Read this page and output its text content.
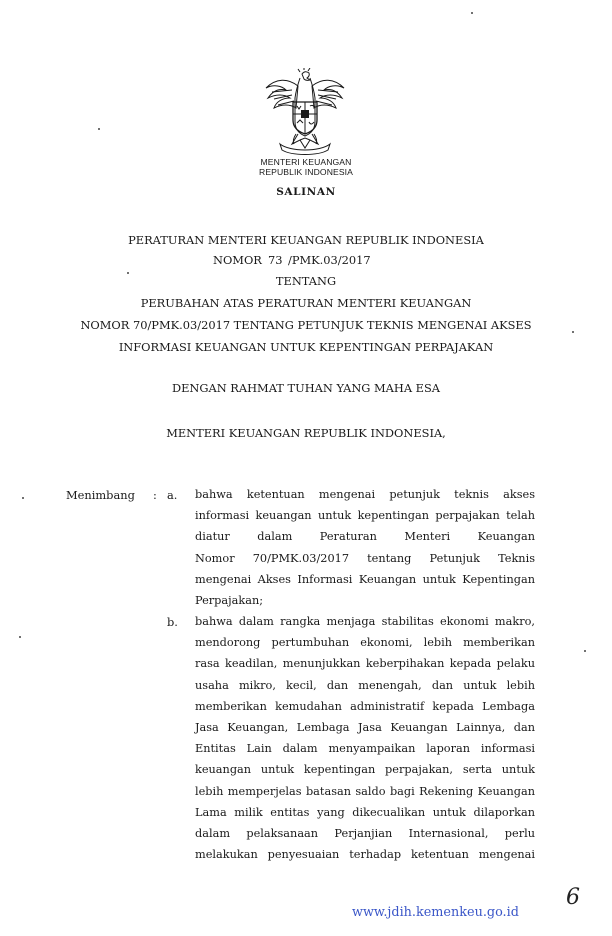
MENTERI KEUANGAN
REPUBLIK INDONESIA
SALINAN
PERATURAN MENTERI KEUANGAN REPUBLIK INDONESIA
NOMOR 73 /PMK.03/2017
TENTANG
PERUBAHAN ATAS PERATURAN MENTERI KEUANGAN
NOMOR 70/PMK.03/2017 TENTANG PETUNJUK TEKNIS MENGENAI AKSES
INFORMASI KEUANGAN UNTUK KEPENTINGAN PERPAJAKAN
DENGAN RAHMAT TUHAN YANG MAHA ESA
MENTERI KEUANGAN REPUBLIK INDONESIA,
Menimbang : a.
b.
bahwa ketentuan mengenai petunjuk teknis akses
informasi keuangan untuk kepentingan perpajakan telah
diatur dalam Peraturan Menteri Keuangan
Nomor 70/PMK.03/2017 tentang Petunjuk Teknis
mengenai Akses Informasi Keuangan untuk Kepentingan
Perpajakan;
bahwa dalam rangka menjaga stabilitas ekonomi makro,
mendorong pertumbuhan ekonomi, lebih memberikan
rasa keadilan, menunjukkan keberpihakan kepada pelaku
usaha mikro, kecil, dan menengah, dan untuk lebih
memberikan kemudahan administratif kepada Lembaga
Jasa Keuangan, Lembaga Jasa Keuangan Lainnya, dan
Entitas Lain dalam menyampaikan laporan informasi
keuangan untuk kepentingan perpajakan, serta untuk
lebih memperjelas batasan saldo bagi Rekening Keuangan
Lama milik entitas yang dikecualikan untuk dilaporkan
dalam pelaksanaan Perjanjian Internasional, perlu
melakukan penyesuaian terhadap ketentuan mengenai
6
www.jdih.kemenkeu.go.id
